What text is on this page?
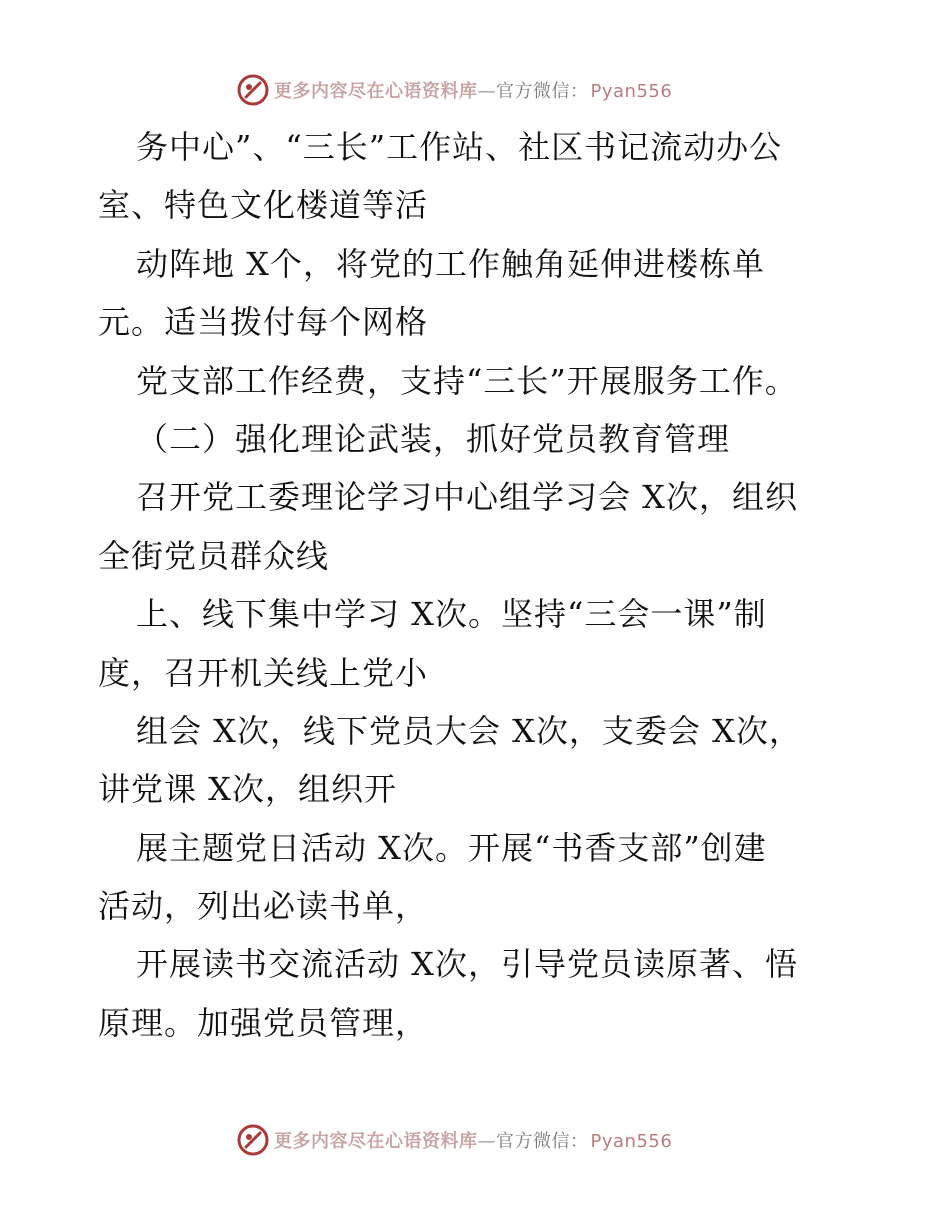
更多内容尽在心语资料库—官方微信： Pyan556
务中心”、“三长”工作站、社区书记流动办公
室、特色文化楼道等活
动阵地 X个，将党的工作触角延伸进楼栋单
元。适当拨付每个网格
党支部工作经费，支持“三长”开展服务工作。
（二）强化理论武装，抓好党员教育管理
召开党工委理论学习中心组学习会 X次，组织
全街党员群众线
上、线下集中学习 X次。坚持“三会一课”制
度，召开机关线上党小
组会 X次，线下党员大会 X次，支委会 X次，
讲党课 X次，组织开
展主题党日活动 X次。开展“书香支部”创建
活动，列出必读书单，
开展读书交流活动 X次，引导党员读原著、悟
原理。加强党员管理，
更多内容尽在心语资料库—官方微信： Pyan556
